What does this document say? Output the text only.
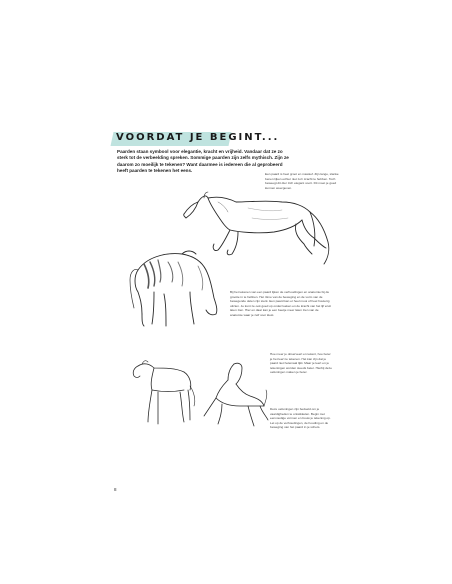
VOORDAT JE BEGINT...
Paarden staan symbool voor elegantie, kracht en vrijheid. Vandaar dat ze zo sterk tot de verbeelding spreken. Sommige paarden zijn zelfs mythisch. Zijn ze daarom zo moeilijk te tekenen? Want daarmee is iedereen die al geprobeerd heeft paarden te tekenen het eens.
Een paard is heel groot en massief. Zijn lange, slanke benen lijken echter niet zo'n kracht te hebben. Toch beweegt dit dier zich elegant voort. Dit moet je goed kunnen weergeven.
Bij het tekenen van een paard lijken de verhoudingen en anatomie bij de grootte in te hebben. Het ritme van de beweging en de vorm van de bewegende delen zijn sterk. Een paard kan er heel mooi of heel houterig uitzien. Je kunt ze ook goed op onderzoeken en de kracht van het lijf eruit laten zien. Hier en daar kan je een beetje meer laten zien van de anatomie waar je zelf voor kiest.
Hoe meer je observeert en tekent, hoe beter je het leert te tekenen. Het kan zijn dat je paard niet helemaal lijkt. Maar je leert en je tekeningen worden steeds beter. Hierbij deze oefeningen maken je beter.
Deze oefeningen zijn bedoeld om je vaardigheden te ontwikkelen. Begin met eenvoudige vormen en bouw je tekening op. Let op de verhoudingen, de houding en de beweging van het paard in je schets.
8
